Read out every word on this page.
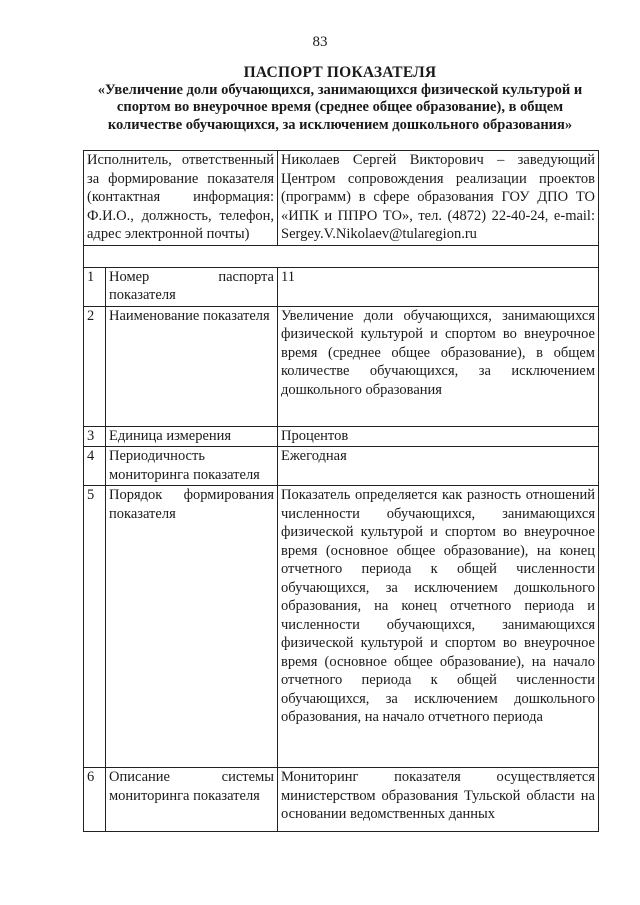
83
ПАСПОРТ ПОКАЗАТЕЛЯ
«Увеличение доли обучающихся, занимающихся физической культурой и спортом во внеурочное время (среднее общее образование), в общем количестве обучающихся, за исключением дошкольного образования»
Исполнитель, ответственный за формирование показателя (контактная информация: Ф.И.О., должность, телефон, адрес электронной почты)		Николаев Сергей Викторович – заведующий Центром сопровождения реализации проектов (программ) в сфере образования ГОУ ДПО ТО «ИПК и ППРО ТО», тел. (4872) 22-40-24, e-mail: Sergey.V.Nikolaev@tularegion.ru

1	Номер паспорта показателя	11
2	Наименование показателя	Увеличение доли обучающихся, занимающихся физической культурой и спортом во внеурочное время (среднее общее образование), в общем количестве обучающихся, за исключением дошкольного образования
3	Единица измерения	Процентов
4	Периодичность мониторинга показателя	Ежегодная
5	Порядок формирования показателя	Показатель определяется как разность отношений численности обучающихся, занимающихся физической культурой и спортом во внеурочное время (основное общее образование), на конец отчетного периода к общей численности обучающихся, за исключением дошкольного образования, на конец отчетного периода и численности обучающихся, занимающихся физической культурой и спортом во внеурочное время (основное общее образование), на начало отчетного периода к общей численности обучающихся, за исключением дошкольного образования, на начало отчетного периода
6	Описание системы мониторинга показателя	Мониторинг показателя осуществляется министерством образования Тульской области на основании ведомственных данных
